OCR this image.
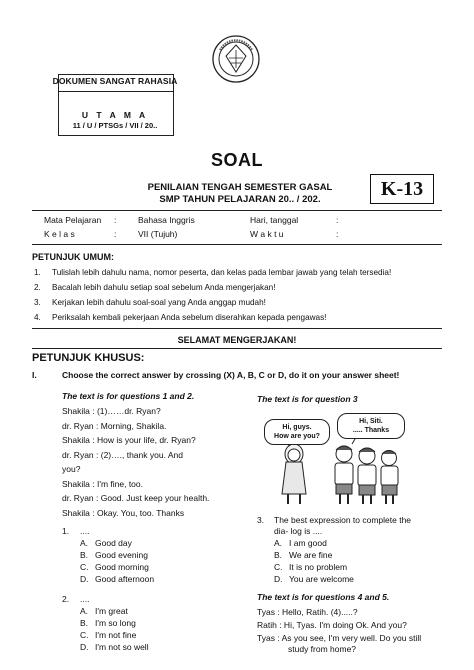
DOKUMEN SANGAT RAHASIA
U T A M A
11 / U / PTSGs / VII / 20..
SOAL
PENILAIAN TENGAH SEMESTER GASAL
SMP TAHUN PELAJARAN 20.. / 202.	K-13
Mata Pelajaran :	Bahasa Inggris	Hari, tanggal	:
K e l a s	:	VII (Tujuh)	W a k t u	:
PETUNJUK UMUM:
1. Tulislah lebih dahulu nama, nomor peserta, dan kelas pada lembar jawab yang telah tersedia!
2. Bacalah lebih dahulu setiap soal sebelum Anda mengerjakan!
3. Kerjakan lebih dahulu soal-soal yang Anda anggap mudah!
4. Periksalah kembali pekerjaan Anda sebelum diserahkan kepada pengawas!
SELAMAT MENGERJAKAN!
PETUNJUK KHUSUS:
I.	Choose the correct answer by crossing (X) A, B, C or D, do it on your answer sheet!
The text is for questions 1 and 2.
Shakila : (1)……dr. Ryan?
dr. Ryan : Morning, Shakila.
Shakila : How is your life, dr. Ryan?
dr. Ryan : (2)…., thank you. And
you?
Shakila : I'm fine, too.
dr. Ryan : Good. Just keep your health.
Shakila : Okay. You, too. Thanks
1. ....
A. Good day
B. Good evening
C. Good morning
D. Good afternoon
2. ....
A. I'm great
B. I'm so long
C. I'm not fine
D. I'm not so well
The text is for question 3
Hi, guys.
How are you?
Hi, Siti.
..... Thanks
3. The best expression to complete the dia- log is ....
A. I am good
B. We are fine
C. It is no problem
D. You are welcome
The text is for questions 4 and 5.
Tyas : Hello, Ratih. (4).....?
Ratih : Hi, Tyas. I'm doing Ok. And you?
Tyas : As you see, I'm very well. Do you still
study from home?
